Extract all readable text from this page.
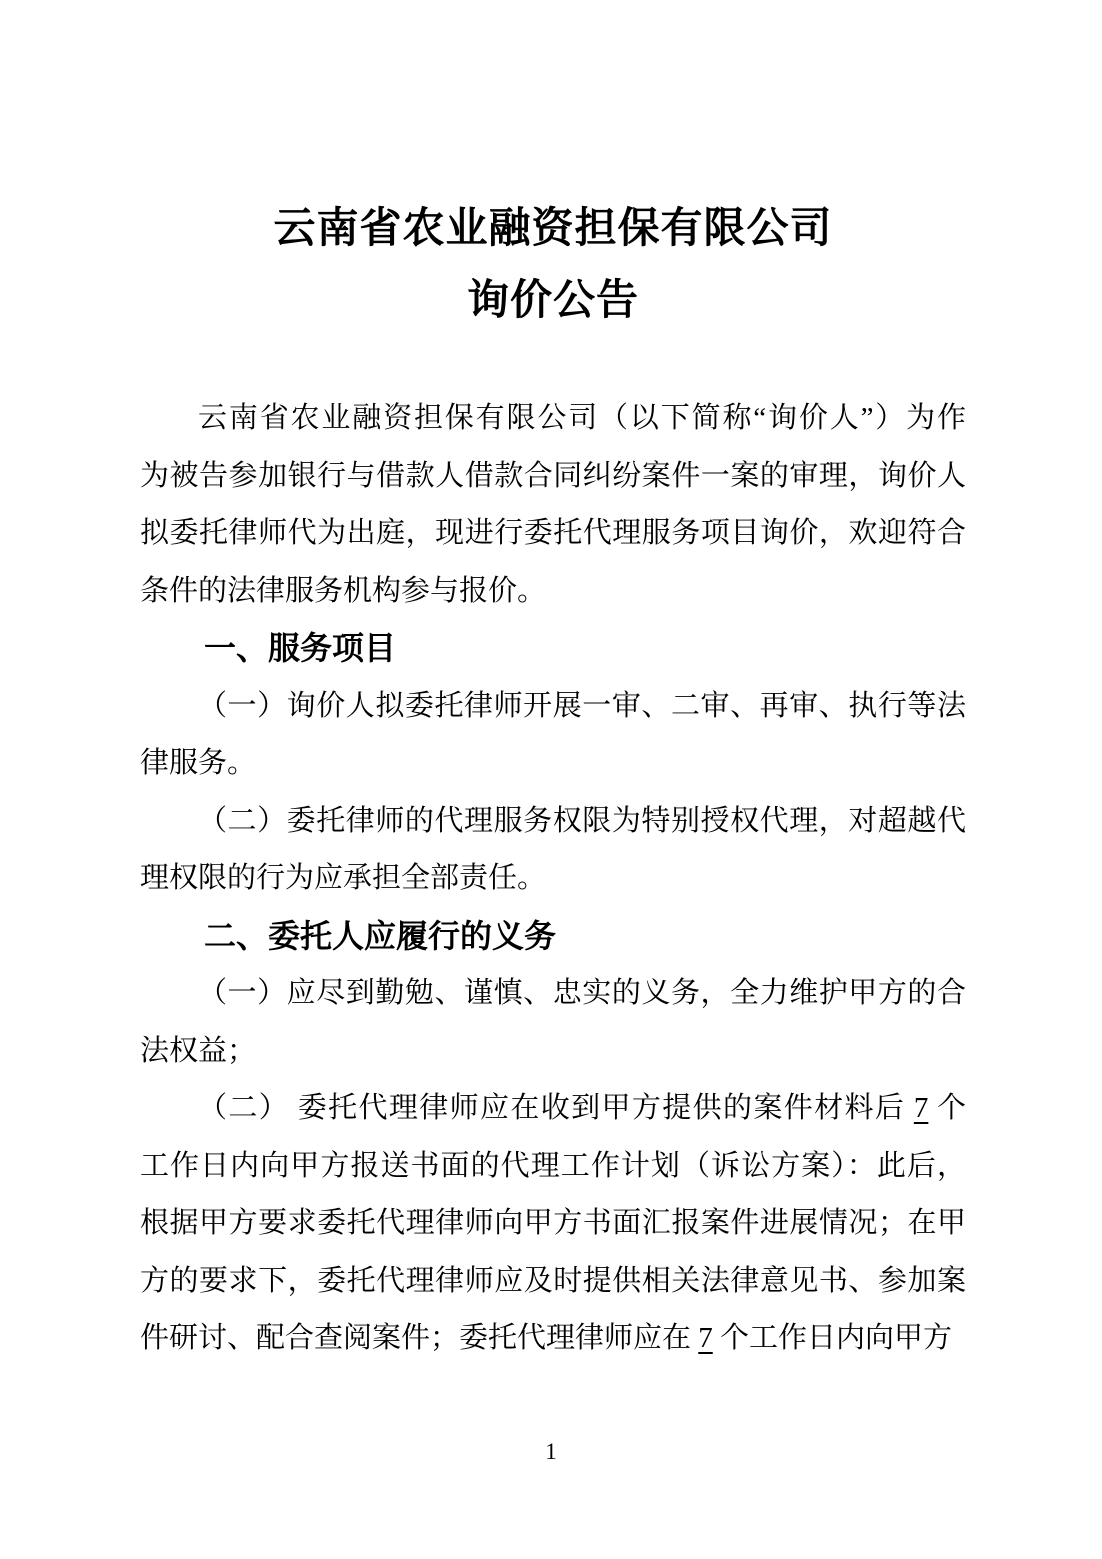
云南省农业融资担保有限公司
询价公告
云南省农业融资担保有限公司（以下简称“询价人”）为作
为被告参加银行与借款人借款合同纠纷案件一案的审理，询价人
拟委托律师代为出庭，现进行委托代理服务项目询价，欢迎符合
条件的法律服务机构参与报价。
一、服务项目
（一）询价人拟委托律师开展一审、二审、再审、执行等法
律服务。
（二）委托律师的代理服务权限为特别授权代理，对超越代
理权限的行为应承担全部责任。
二、委托人应履行的义务
（一）应尽到勤勉、谨慎、忠实的义务，全力维护甲方的合
法权益；
（二） 委托代理律师应在收到甲方提供的案件材料后 7 个
工作日内向甲方报送书面的代理工作计划（诉讼方案）：此后，
根据甲方要求委托代理律师向甲方书面汇报案件进展情况；在甲
方的要求下，委托代理律师应及时提供相关法律意见书、参加案
件研讨、配合查阅案件；委托代理律师应在 7 个工作日内向甲方
1
